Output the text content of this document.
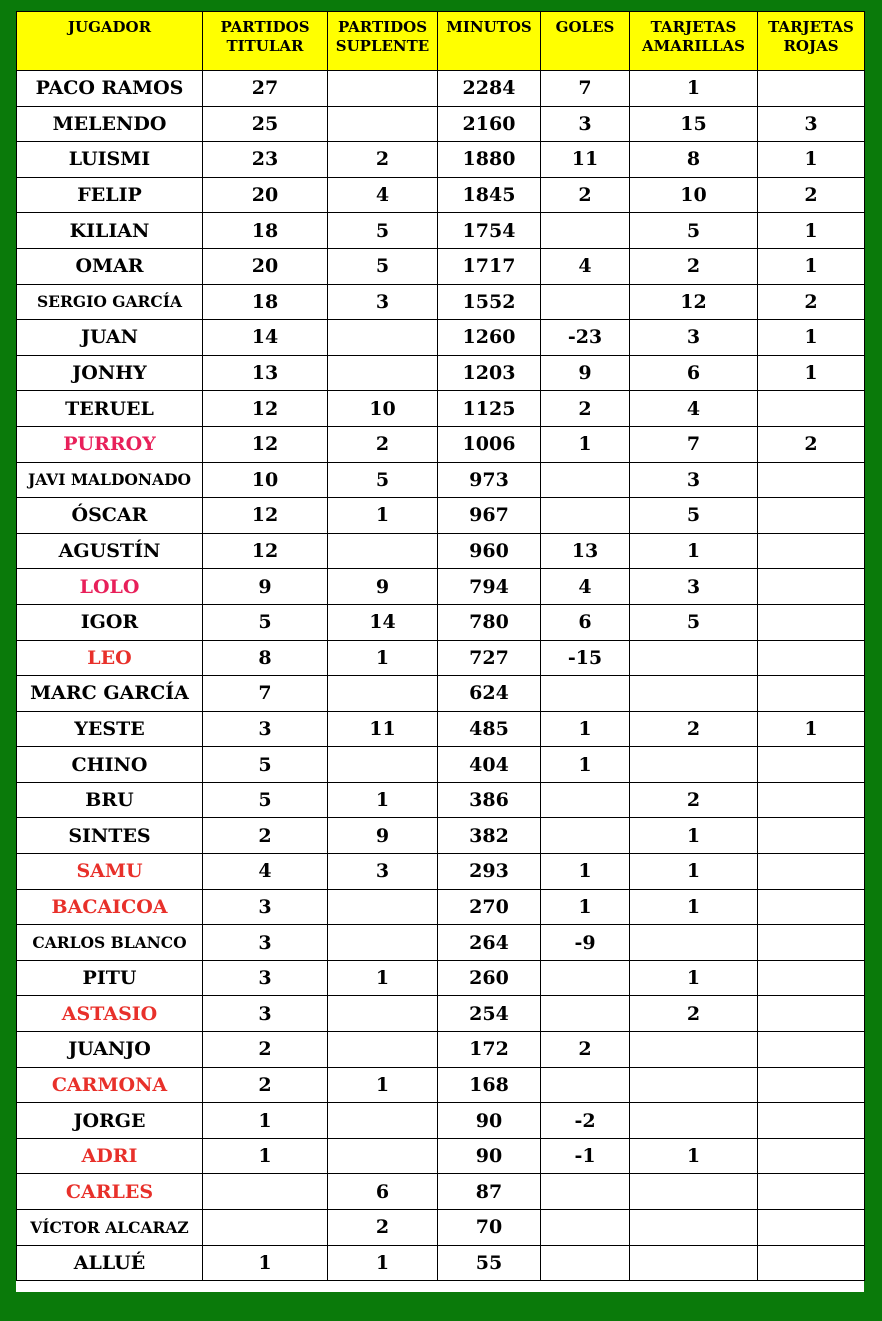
JUGADOR	PARTIDOS TITULAR	PARTIDOS SUPLENTE	MINUTOS	GOLES	TARJETAS AMARILLAS	TARJETAS ROJAS
PACO RAMOS	27		2284	7	1	
MELENDO	25		2160	3	15	3
LUISMI	23	2	1880	11	8	1
FELIP	20	4	1845	2	10	2
KILIAN	18	5	1754		5	1
OMAR	20	5	1717	4	2	1
SERGIO GARCÍA	18	3	1552		12	2
JUAN	14		1260	-23	3	1
JONHY	13		1203	9	6	1
TERUEL	12	10	1125	2	4	
PURROY	12	2	1006	1	7	2
JAVI MALDONADO	10	5	973		3	
ÓSCAR	12	1	967		5	
AGUSTÍN	12		960	13	1	
LOLO	9	9	794	4	3	
IGOR	5	14	780	6	5	
LEO	8	1	727	-15		
MARC GARCÍA	7		624			
YESTE	3	11	485	1	2	1
CHINO	5		404	1		
BRU	5	1	386		2	
SINTES	2	9	382		1	
SAMU	4	3	293	1	1	
BACAICOA	3		270	1	1	
CARLOS BLANCO	3		264	-9		
PITU	3	1	260		1	
ASTASIO	3		254		2	
JUANJO	2		172	2		
CARMONA	2	1	168			
JORGE	1		90	-2		
ADRI	1		90	-1	1	
CARLES		6	87			
VÍCTOR ALCARAZ		2	70			
ALLUÉ	1	1	55			
